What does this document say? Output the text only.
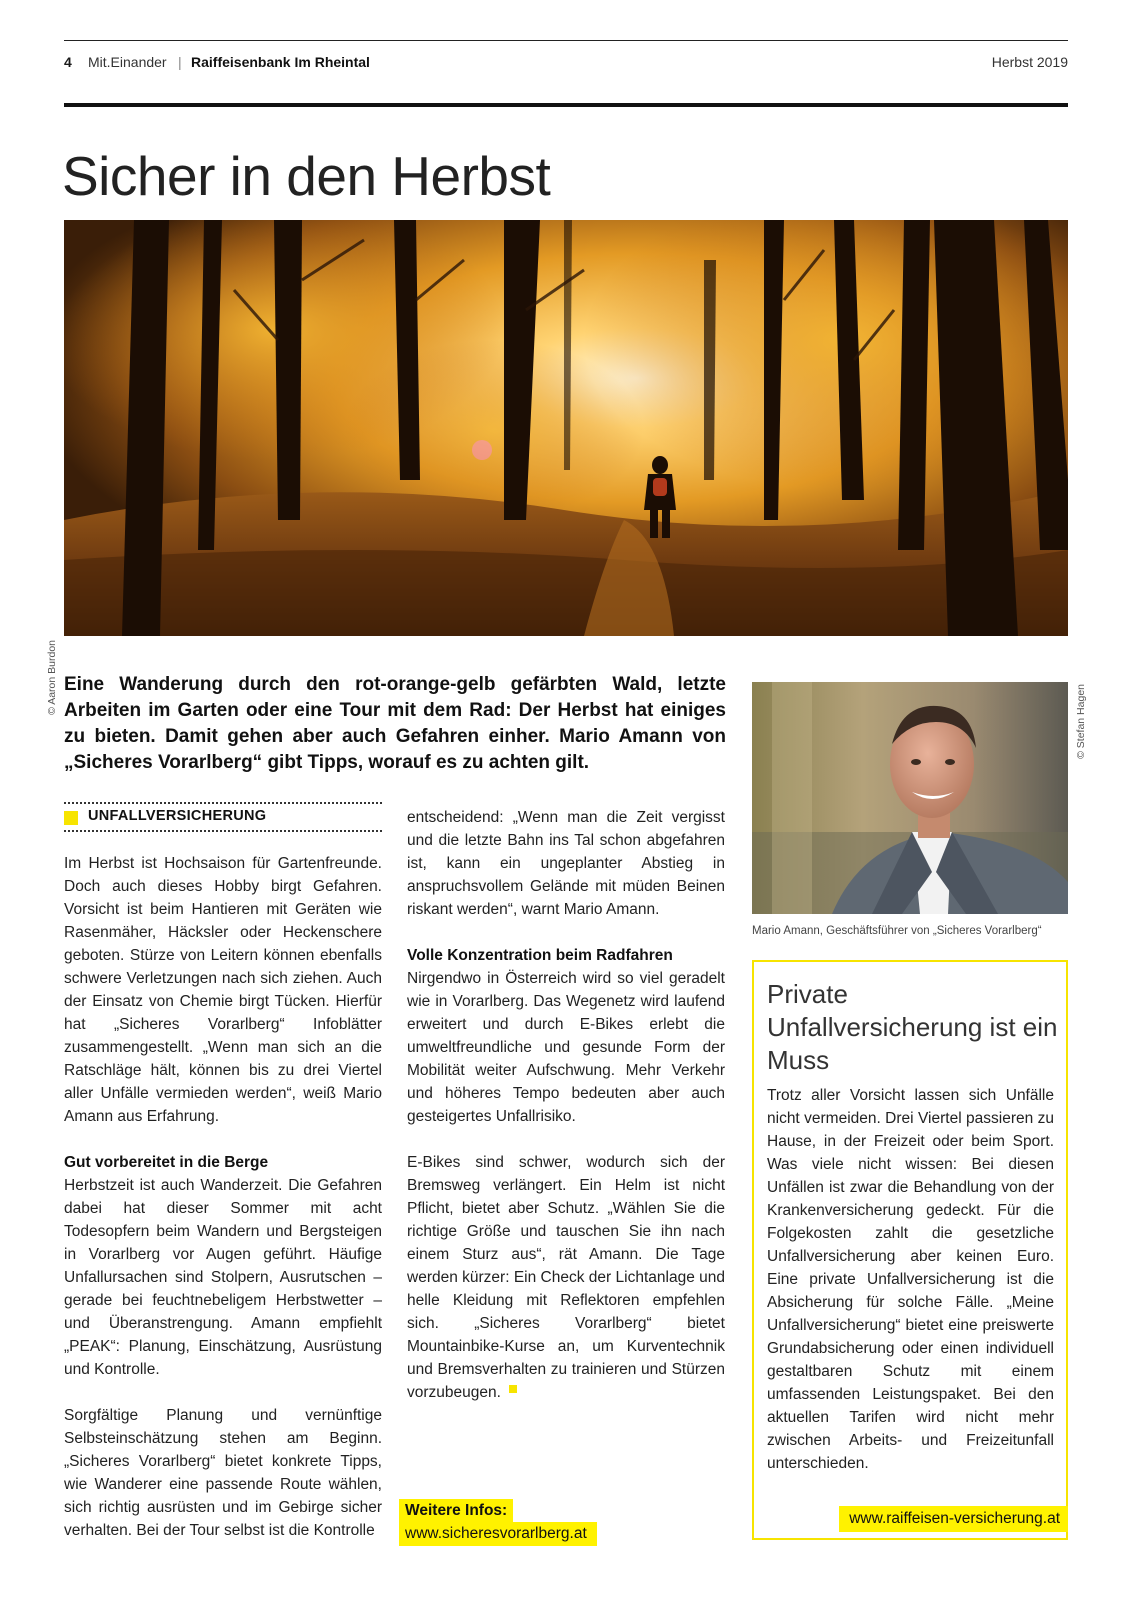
4 Mit.Einander | Raiffeisenbank Im Rheintal	Herbst 2019
Sicher in den Herbst
© Aaron Burdon Eine Wanderung durch den rot-orange-gelb gefärbten Wald, letzte Arbeiten im Garten oder eine Tour mit dem Rad: Der Herbst hat einiges zu bieten. Damit gehen aber auch Gefahren einher. Mario Amann von „Sicheres Vorarlberg“ gibt Tipps, worauf es zu achten gilt.
UNFALLVERSICHERUNG

Im Herbst ist Hochsaison für Gartenfreunde. Doch auch dieses Hobby birgt Gefahren. Vorsicht ist beim Hantieren mit Geräten wie Rasenmäher, Häcksler oder Heckenschere geboten. Stürze von Leitern können ebenfalls schwere Verletzungen nach sich ziehen. Auch der Einsatz von Chemie birgt Tücken. Hierfür hat „Sicheres Vorarlberg“ Infoblätter zusammengestellt. „Wenn man sich an die Ratschläge hält, können bis zu drei Viertel aller Unfälle vermieden werden“, weiß Mario Amann aus Erfahrung.

Gut vorbereitet in die Berge

Herbstzeit ist auch Wanderzeit. Die Gefahren dabei hat dieser Sommer mit acht Todesopfern beim Wandern und Bergsteigen in Vorarlberg vor Augen geführt. Häufige Unfallursachen sind Stolpern, Ausrutschen – gerade bei feuchtnebeligem Herbstwetter – und Überanstrengung. Amann empfiehlt „PEAK“: Planung, Einschätzung, Ausrüstung und Kontrolle.

Sorgfältige Planung und vernünftige Selbsteinschätzung stehen am Beginn. „Sicheres Vorarlberg“ bietet konkrete Tipps, wie Wanderer eine passende Route wählen, sich richtig ausrüsten und im Gebirge sicher verhalten. Bei der Tour selbst ist die Kontrolle

entscheidend: „Wenn man die Zeit vergisst und die letzte Bahn ins Tal schon abgefahren ist, kann ein ungeplanter Abstieg in anspruchsvollem Gelände mit müden Beinen riskant werden“, warnt Mario Amann.

Volle Konzentration beim Radfahren

Nirgendwo in Österreich wird so viel geradelt wie in Vorarlberg. Das Wegenetz wird laufend erweitert und durch E-Bikes erlebt die umweltfreundliche und gesunde Form der Mobilität weiter Aufschwung. Mehr Verkehr und höheres Tempo bedeuten aber auch gesteigertes Unfallrisiko.

E-Bikes sind schwer, wodurch sich der Bremsweg verlängert. Ein Helm ist nicht Pflicht, bietet aber Schutz. „Wählen Sie die richtige Größe und tauschen Sie ihn nach einem Sturz aus“, rät Amann. Die Tage werden kürzer: Ein Check der Lichtanlage und helle Kleidung mit Reflektoren empfehlen sich. „Sicheres Vorarlberg“ bietet Mountainbike-Kurse an, um Kurventechnik und Bremsverhalten zu trainieren und Stürzen vorzubeugen.

Weitere Infos:
www.sicheresvorarlberg.at
© Stefan Hagen
Mario Amann, Geschäftsführer von „Sicheres Vorarlberg“
Private Unfallversicherung ist ein Muss
Trotz aller Vorsicht lassen sich Unfälle nicht vermeiden. Drei Viertel passieren zu Hause, in der Freizeit oder beim Sport. Was viele nicht wissen: Bei diesen Unfällen ist zwar die Behandlung von der Krankenversicherung gedeckt. Für die Folgekosten zahlt die gesetzliche Unfallversicherung aber keinen Euro. Eine private Unfallversicherung ist die Absicherung für solche Fälle. „Meine Unfallversicherung“ bietet eine preiswerte Grundabsicherung oder einen individuell gestaltbaren Schutz mit einem umfassenden Leistungspaket. Bei den aktuellen Tarifen wird nicht mehr zwischen Arbeits- und Freizeitunfall unterschieden.
www.raiffeisen-versicherung.at
